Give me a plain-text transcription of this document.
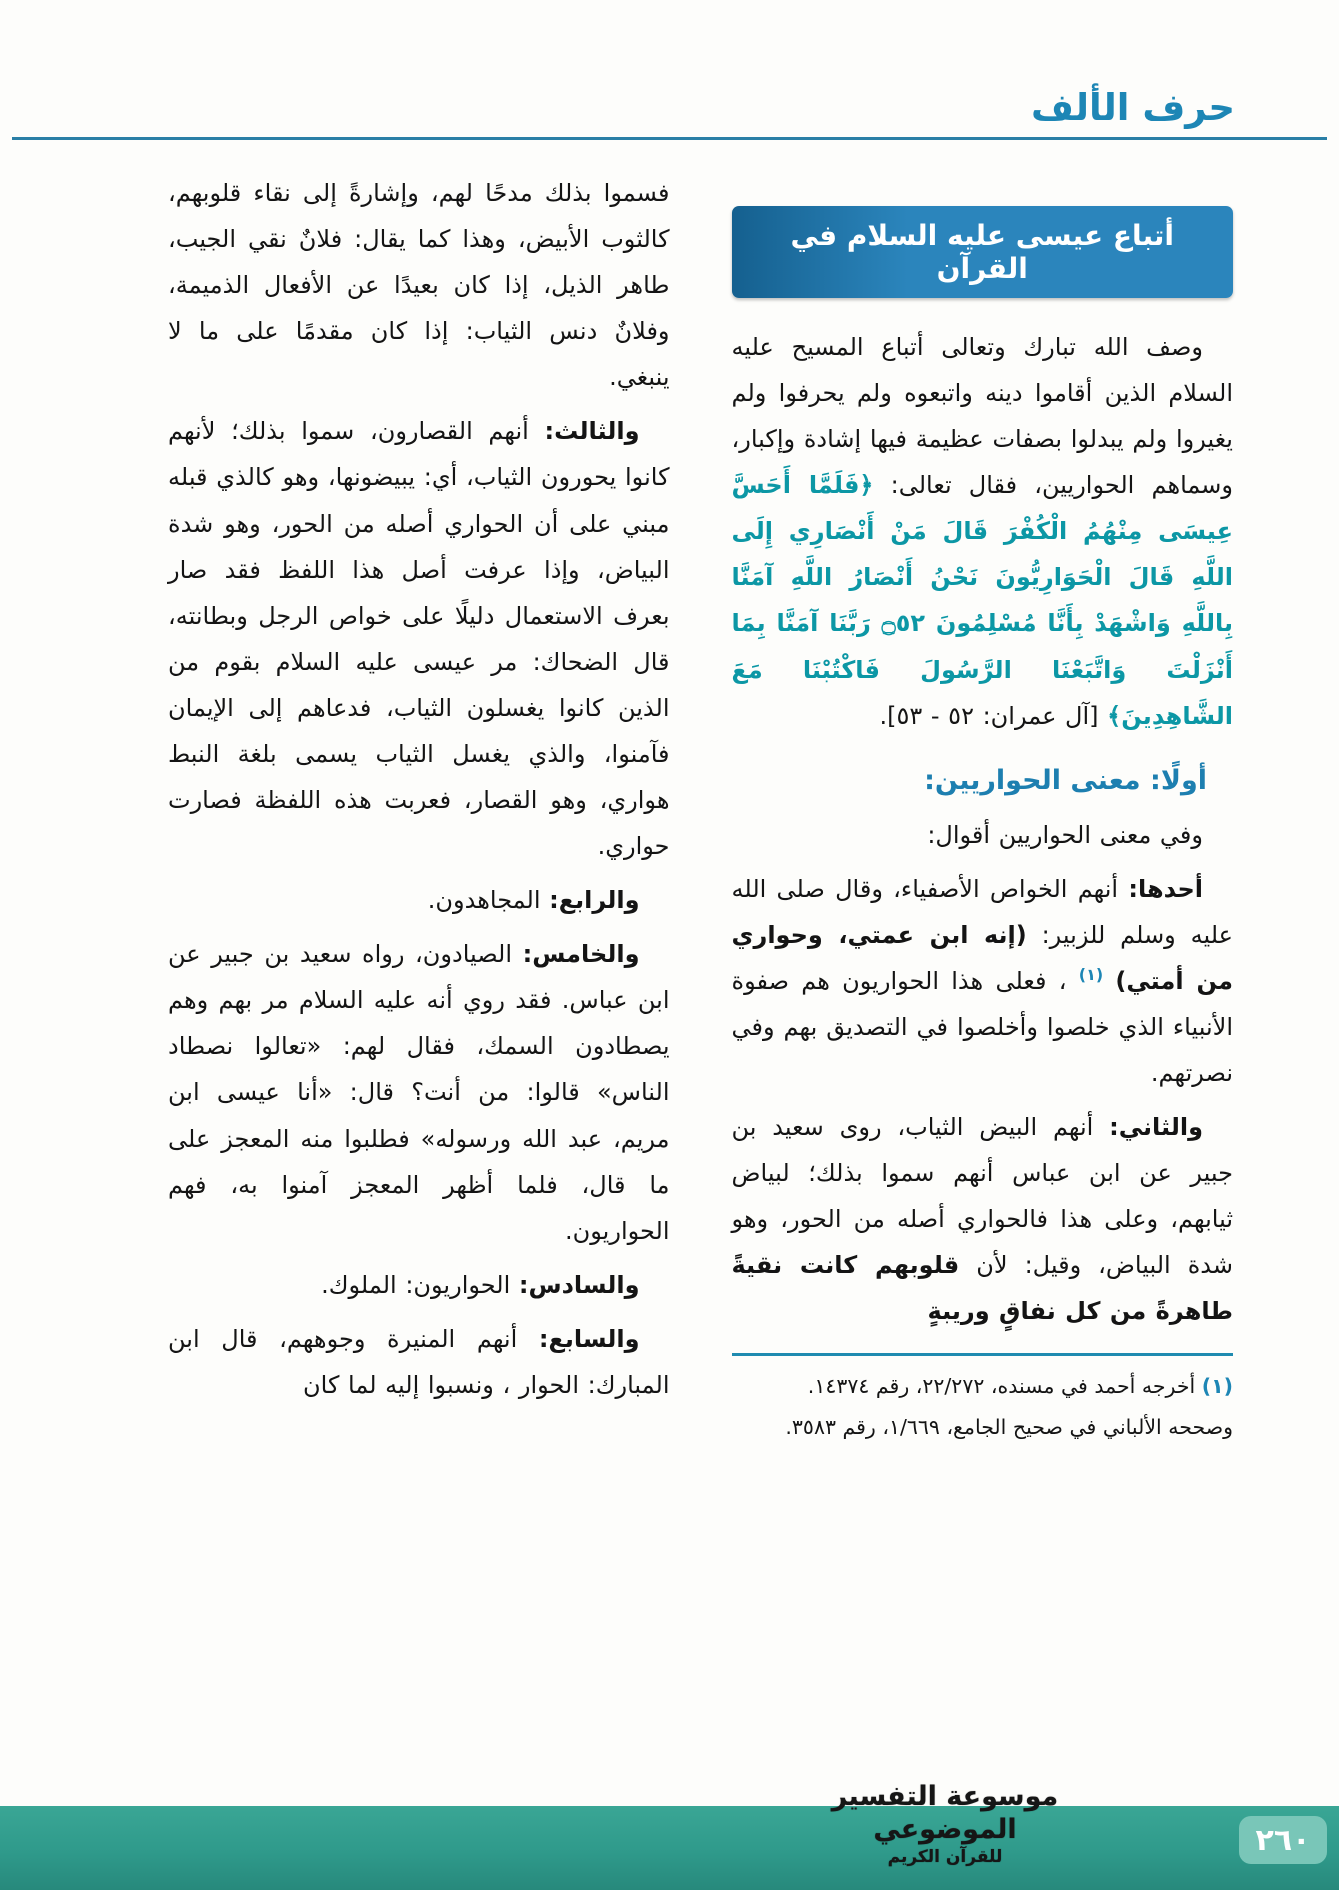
حرف الألف
أتباع عيسى عليه السلام في القرآن

وصف الله تبارك وتعالى أتباع المسيح عليه السلام الذين أقاموا دينه واتبعوه ولم يحرفوا ولم يغيروا ولم يبدلوا بصفات عظيمة فيها إشادة وإكبار، وسماهم الحواريين، فقال تعالى: ﴿فَلَمَّا أَحَسَّ عِيسَى مِنْهُمُ الْكُفْرَ قَالَ مَنْ أَنْصَارِي إِلَى اللَّهِ قَالَ الْحَوَارِيُّونَ نَحْنُ أَنْصَارُ اللَّهِ آمَنَّا بِاللَّهِ وَاشْهَدْ بِأَنَّا مُسْلِمُونَ ۝٥٢ رَبَّنَا آمَنَّا بِمَا أَنْزَلْتَ وَاتَّبَعْنَا الرَّسُولَ فَاكْتُبْنَا مَعَ الشَّاهِدِينَ﴾ [آل عمران: ٥٢ - ٥٣].

أولًا: معنى الحواريين:

وفي معنى الحواريين أقوال:

أحدها: أنهم الخواص الأصفياء، وقال صلى الله عليه وسلم للزبير: (إنه ابن عمتي، وحواري من أمتي) $^{(١)}$ ، فعلى هذا الحواريون هم صفوة الأنبياء الذي خلصوا وأخلصوا في التصديق بهم وفي نصرتهم.

والثاني: أنهم البيض الثياب، روى سعيد بن جبير عن ابن عباس أنهم سموا بذلك؛ لبياض ثيابهم، وعلى هذا فالحواري أصله من الحور، وهو شدة البياض، وقيل: لأن قلوبهم كانت نقيةً طاهرةً من كل نفاقٍ وريبةٍ

(١) أخرجه أحمد في مسنده، ٢٢/٢٧٢، رقم ١٤٣٧٤.
وصححه الألباني في صحيح الجامع، ١/٦٦٩، رقم ٣٥٨٣.

فسموا بذلك مدحًا لهم، وإشارةً إلى نقاء قلوبهم، كالثوب الأبيض، وهذا كما يقال: فلانٌ نقي الجيب، طاهر الذيل، إذا كان بعيدًا عن الأفعال الذميمة، وفلانٌ دنس الثياب: إذا كان مقدمًا على ما لا ينبغي.

والثالث: أنهم القصارون، سموا بذلك؛ لأنهم كانوا يحورون الثياب، أي: يبيضونها، وهو كالذي قبله مبني على أن الحواري أصله من الحور، وهو شدة البياض، وإذا عرفت أصل هذا اللفظ فقد صار بعرف الاستعمال دليلًا على خواص الرجل وبطانته، قال الضحاك: مر عيسى عليه السلام بقوم من الذين كانوا يغسلون الثياب، فدعاهم إلى الإيمان فآمنوا، والذي يغسل الثياب يسمى بلغة النبط هواري، وهو القصار، فعربت هذه اللفظة فصارت حواري.

والرابع: المجاهدون.

والخامس: الصيادون، رواه سعيد بن جبير عن ابن عباس. فقد روي أنه عليه السلام مر بهم وهم يصطادون السمك، فقال لهم: «تعالوا نصطاد الناس» قالوا: من أنت؟ قال: «أنا عيسى ابن مريم، عبد الله ورسوله» فطلبوا منه المعجز على ما قال، فلما أظهر المعجز آمنوا به، فهم الحواريون.

والسادس: الحواريون: الملوك.

والسابع: أنهم المنيرة وجوههم، قال ابن المبارك: الحوار ، ونسبوا إليه لما كان

موسوعة التفسير الموضوعي
للقرآن الكريم	٢٦٠
